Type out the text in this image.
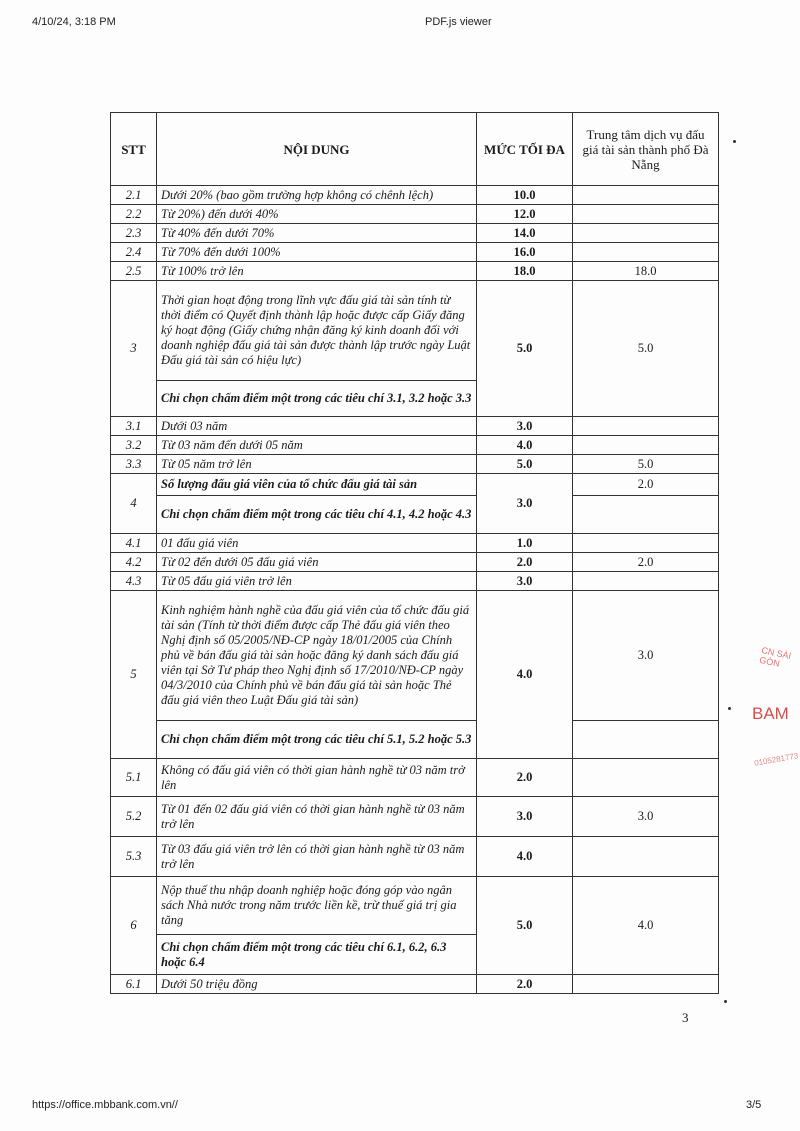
4/10/24, 3:18 PM	PDF.js viewer
STT	NỘI DUNG	MỨC TỐI ĐA	Trung tâm dịch vụ đấu giá tài sản thành phố Đà Nẵng
2.1	Dưới 20% (bao gồm trường hợp không có chênh lệch)	10.0	
2.2	Từ 20%) đến dưới 40%	12.0	
2.3	Từ 40% đến dưới 70%	14.0	
2.4	Từ 70% đến dưới 100%	16.0	
2.5	Từ 100% trở lên	18.0	18.0
3	Thời gian hoạt động trong lĩnh vực đấu giá tài sản tính từ thời điểm có Quyết định thành lập hoặc được cấp Giấy đăng ký hoạt động (Giấy chứng nhận đăng ký kinh doanh đối với doanh nghiệp đấu giá tài sản được thành lập trước ngày Luật Đấu giá tài sản có hiệu lực)	5.0	5.0
	Chỉ chọn chấm điểm một trong các tiêu chí 3.1, 3.2 hoặc 3.3		
3.1	Dưới 03 năm	3.0	
3.2	Từ 03 năm đến dưới 05 năm	4.0	
3.3	Từ 05 năm trở lên	5.0	5.0
4	Số lượng đấu giá viên của tổ chức đấu giá tài sản	3.0	2.0
	Chỉ chọn chấm điểm một trong các tiêu chí 4.1, 4.2 hoặc 4.3		
4.1	01 đấu giá viên	1.0	
4.2	Từ 02 đến dưới 05 đấu giá viên	2.0	2.0
4.3	Từ 05 đấu giá viên trở lên	3.0	
5	Kinh nghiệm hành nghề của đấu giá viên của tổ chức đấu giá tài sản (Tính từ thời điểm được cấp Thẻ đấu giá viên theo Nghị định số 05/2005/NĐ-CP ngày 18/01/2005 của Chính phủ về bán đấu giá tài sản hoặc đăng ký danh sách đấu giá viên tại Sở Tư pháp theo Nghị định số 17/2010/NĐ-CP ngày 04/3/2010 của Chính phủ về bán đấu giá tài sản hoặc Thẻ đấu giá viên theo Luật Đấu giá tài sản)	4.0	3.0
	Chỉ chọn chấm điểm một trong các tiêu chí 5.1, 5.2 hoặc 5.3		
5.1	Không có đấu giá viên có thời gian hành nghề từ 03 năm trở lên	2.0	
5.2	Từ 01 đến 02 đấu giá viên có thời gian hành nghề từ 03 năm trở lên	3.0	3.0
5.3	Từ 03 đấu giá viên trở lên có thời gian hành nghề từ 03 năm trở lên	4.0	
6	Nộp thuế thu nhập doanh nghiệp hoặc đóng góp vào ngân sách Nhà nước trong năm trước liền kề, trừ thuế giá trị gia tăng	5.0	4.0
	Chỉ chọn chấm điểm một trong các tiêu chí 6.1, 6.2, 6.3 hoặc 6.4		
6.1	Dưới 50 triệu đồng	2.0	
3
CN SÀI GÒN
BAM
0105281773
https://office.mbbank.com.vn//	3/5
